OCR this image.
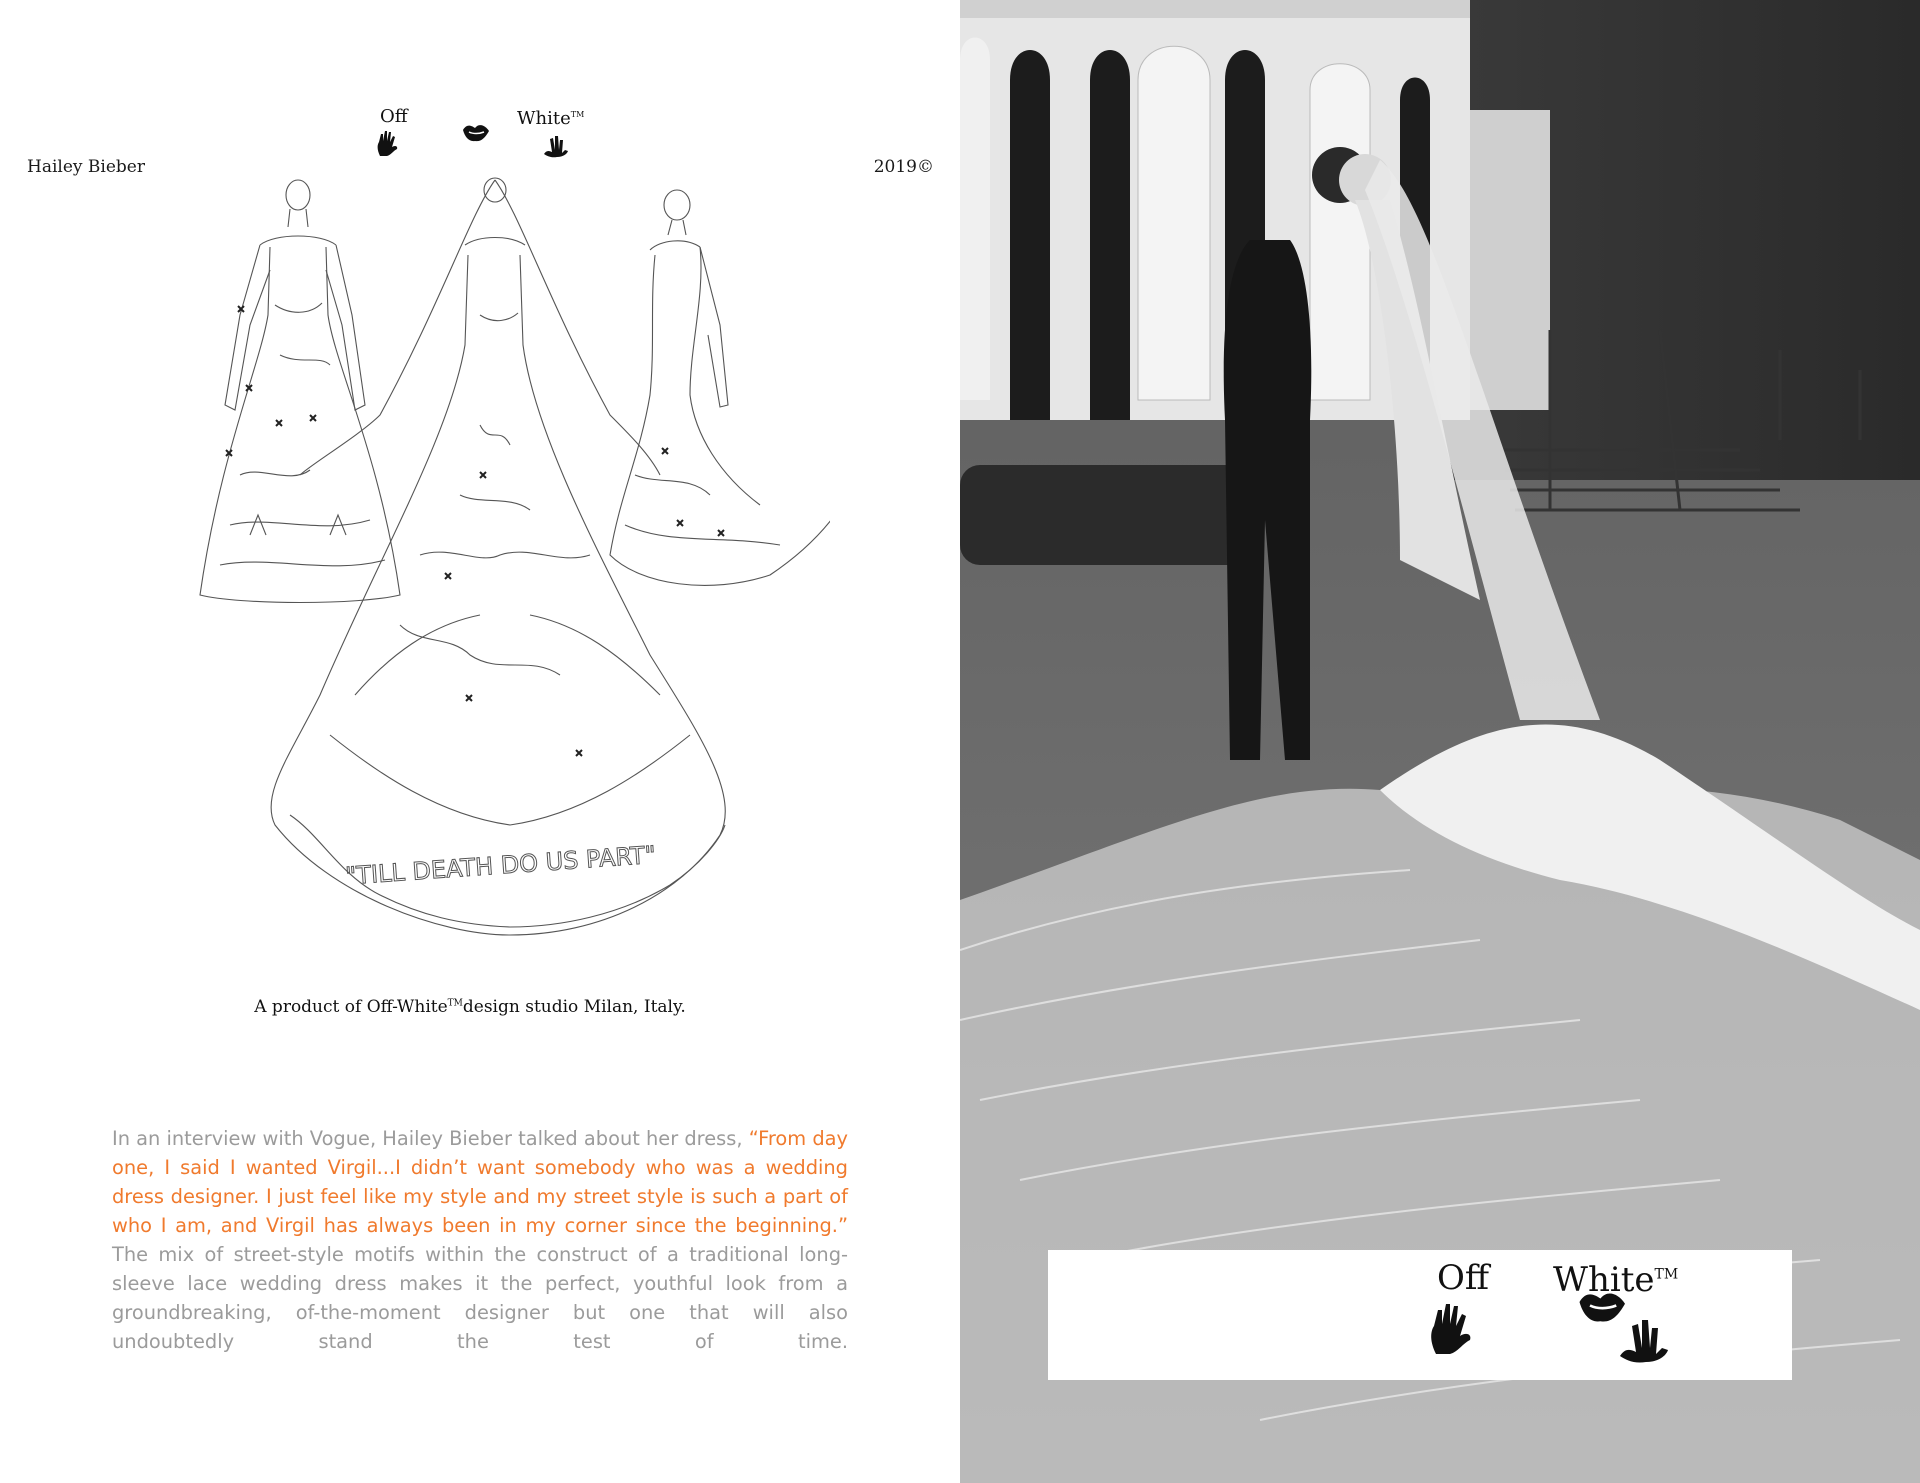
Hailey Bieber	2019©
Off	White™
"TILL DEATH DO US PART"
A product of Off-White™design studio Milan, Italy.

In an interview with Vogue, Hailey Bieber talked about her dress, “From day one, I said I wanted Virgil...I didn’t want somebody who was a wedding dress designer. I just feel like my style and my street style is such a part of who I am, and Virgil has always been in my corner since the beginning.” The mix of street-style motifs within the construct of a traditional long-sleeve lace wedding dress makes it the perfect, youthful look from a groundbreaking, of-the-moment designer but one that will also undoubtedly stand the test of time.

Off White™
